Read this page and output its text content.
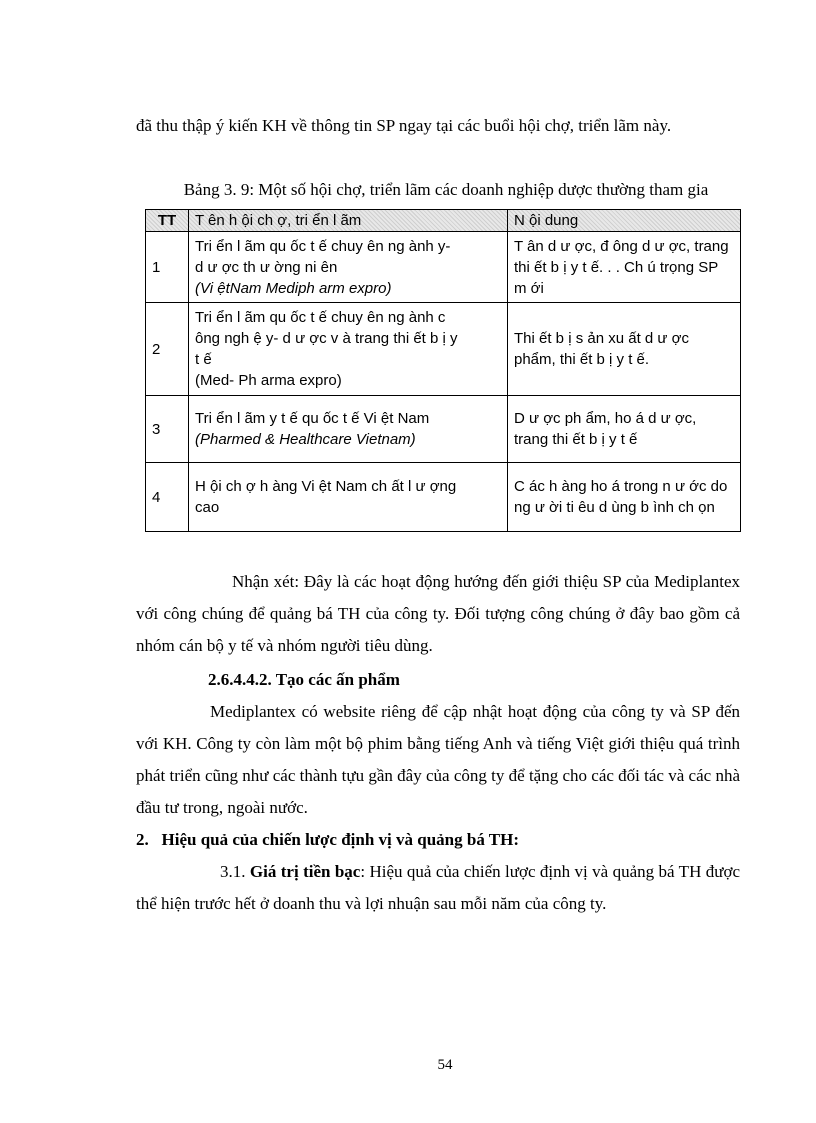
đã thu thập ý kiến KH về thông tin SP ngay tại các buổi hội chợ, triển lãm này.

Bảng 3. 9: Một số hội chợ, triển lãm các doanh nghiệp dược thường tham gia
TT	T ên h ội ch ợ, tri ển l ãm	N ội dung
1	Tri ển l ãm qu ốc t ế chuy ên ng ành y-
d ư ợc th ư ờng ni ên
(Vi ệtNam Mediph arm expro)	T ân d ư ợc, đ ông d ư ợc, trang thi ết b ị y t ế. . . Ch ú trọng SP m ới
2	Tri ển l ãm qu ốc t ế chuy ên ng ành c
ông ngh ệ y- d ư ợc v à trang thi ết b ị y
t ế
(Med- Ph arma expro)	Thi ết b ị s ản xu ất d ư ợc phẩm, thi ết b ị y t ế.
3	Tri ển l ãm y t ế qu ốc t ế Vi ệt Nam
(Pharmed & Healthcare Vietnam)	D ư ợc ph ẩm, ho á d ư ợc, trang thi ết b ị y t ế
4	H ội ch ợ h àng Vi ệt Nam ch ất l ư ợng
cao	C ác h àng ho á trong n ư ớc do ng ư ời ti êu d ùng b ình ch ọn

Nhận xét: Đây là các hoạt động hướng đến giới thiệu SP của Mediplantex với công chúng để quảng bá TH của công ty. Đối tượng công chúng ở đây bao gồm cả nhóm cán bộ y tế và nhóm người tiêu dùng.

2.6.4.4.2. Tạo các ấn phẩm

Mediplantex có website riêng để cập nhật hoạt động của công ty và SP đến với KH. Công ty còn làm một bộ phim bằng tiếng Anh và tiếng Việt giới thiệu quá trình phát triển cũng như các thành tựu gần đây của công ty để tặng cho các đối tác và các nhà đầu tư trong, ngoài nước.

2. Hiệu quả của chiến lược định vị và quảng bá TH:

3.1. Giá trị tiền bạc: Hiệu quả của chiến lược định vị và quảng bá TH được thể hiện trước hết ở doanh thu và lợi nhuận sau mỗi năm của công ty.

54
